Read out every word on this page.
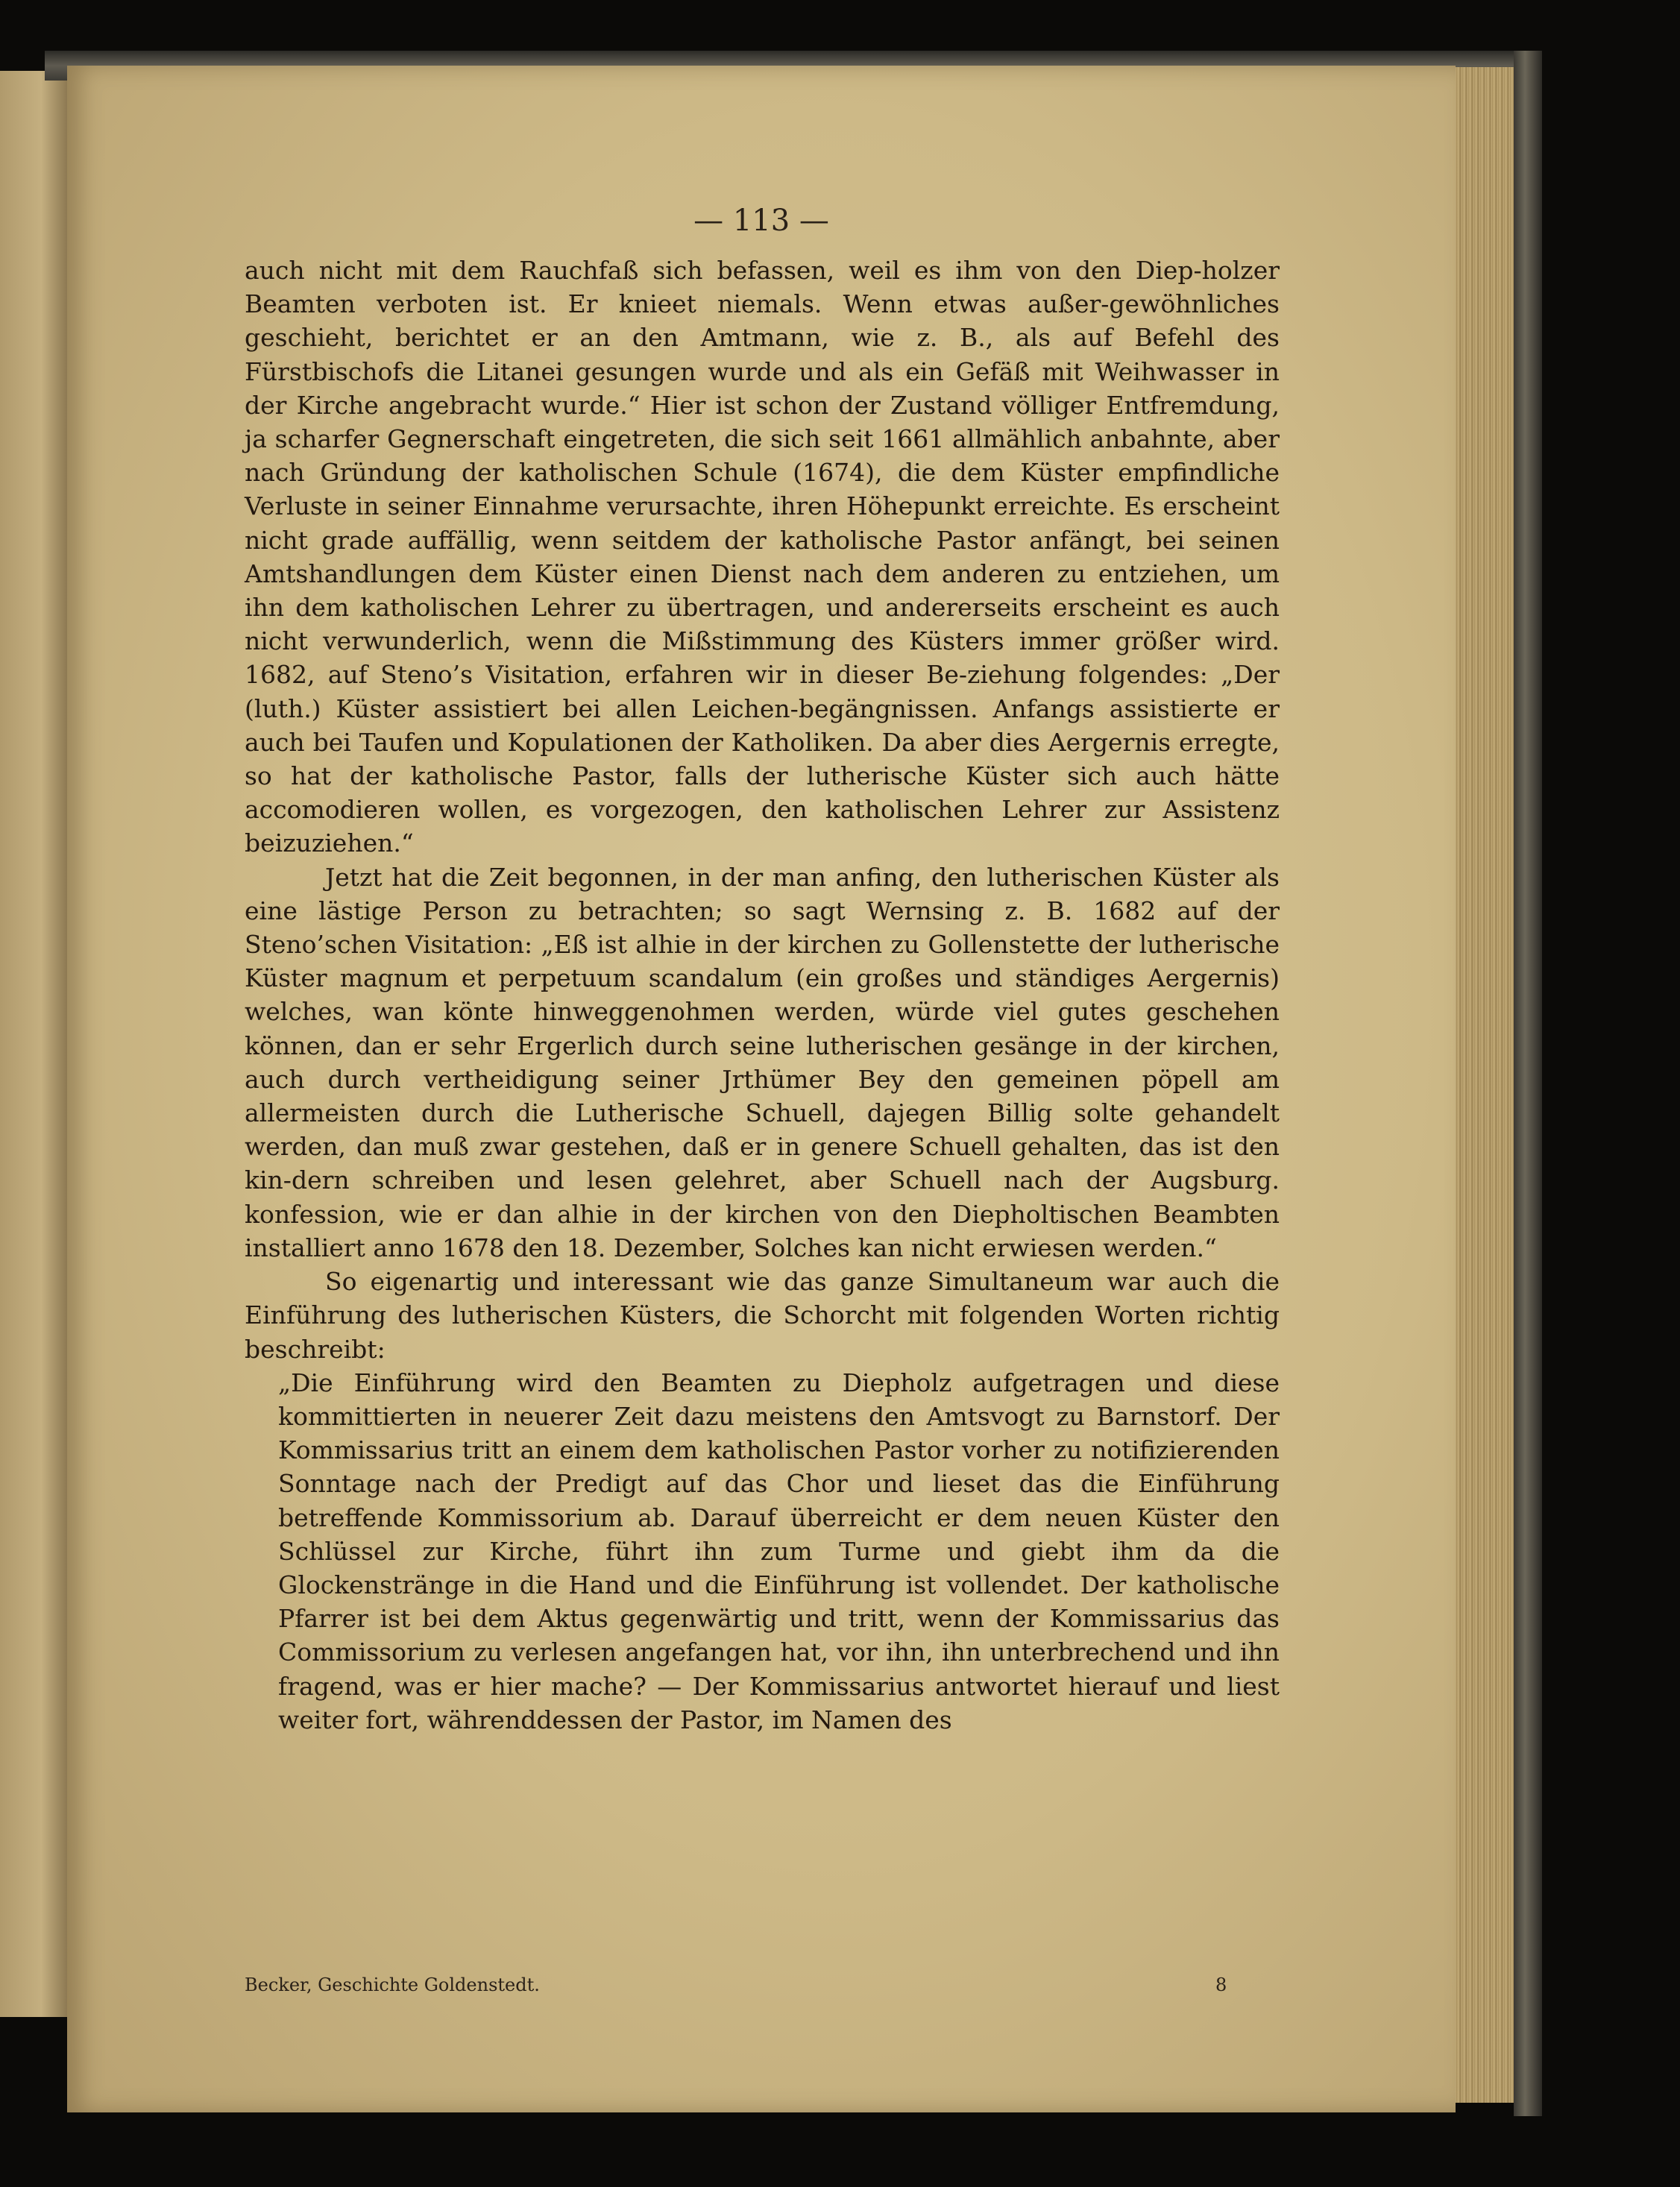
— 113 —

auch nicht mit dem Rauchfaß sich befassen, weil es ihm von den Diep-holzer Beamten verboten ist. Er knieet niemals. Wenn etwas außer-gewöhnliches geschieht, berichtet er an den Amtmann, wie z. B., als auf Befehl des Fürstbischofs die Litanei gesungen wurde und als ein Gefäß mit Weihwasser in der Kirche angebracht wurde.“ Hier ist schon der Zustand völliger Entfremdung, ja scharfer Gegnerschaft eingetreten, die sich seit 1661 allmählich anbahnte, aber nach Gründung der katholischen Schule (1674), die dem Küster empfindliche Verluste in seiner Einnahme verursachte, ihren Höhepunkt erreichte. Es erscheint nicht grade auffällig, wenn seitdem der katholische Pastor anfängt, bei seinen Amtshandlungen dem Küster einen Dienst nach dem anderen zu entziehen, um ihn dem katholischen Lehrer zu übertragen, und andererseits erscheint es auch nicht verwunderlich, wenn die Mißstimmung des Küsters immer größer wird. 1682, auf Steno’s Visitation, erfahren wir in dieser Be-ziehung folgendes: „Der (luth.) Küster assistiert bei allen Leichen-begängnissen. Anfangs assistierte er auch bei Taufen und Kopulationen der Katholiken. Da aber dies Aergernis erregte, so hat der katholische Pastor, falls der lutherische Küster sich auch hätte accomodieren wollen, es vorgezogen, den katholischen Lehrer zur Assistenz beizuziehen.“

Jetzt hat die Zeit begonnen, in der man anfing, den lutherischen Küster als eine lästige Person zu betrachten; so sagt Wernsing z. B. 1682 auf der Steno’schen Visitation: „Eß ist alhie in der kirchen zu Gollenstette der lutherische Küster magnum et perpetuum scandalum (ein großes und ständiges Aergernis) welches, wan könte hinweggenohmen werden, würde viel gutes geschehen können, dan er sehr Ergerlich durch seine lutherischen gesänge in der kirchen, auch durch vertheidigung seiner Jrthümer Bey den gemeinen pöpell am allermeisten durch die Lutherische Schuell, dajegen Billig solte gehandelt werden, dan muß zwar gestehen, daß er in genere Schuell gehalten, das ist den kin-dern schreiben und lesen gelehret, aber Schuell nach der Augsburg. konfession, wie er dan alhie in der kirchen von den Diepholtischen Beambten installiert anno 1678 den 18. Dezember, Solches kan nicht erwiesen werden.“

So eigenartig und interessant wie das ganze Simultaneum war auch die Einführung des lutherischen Küsters, die Schorcht mit folgenden Worten richtig beschreibt:

„Die Einführung wird den Beamten zu Diepholz aufgetragen und diese kommittierten in neuerer Zeit dazu meistens den Amtsvogt zu Barnstorf. Der Kommissarius tritt an einem dem katholischen Pastor vorher zu notifizierenden Sonntage nach der Predigt auf das Chor und lieset das die Einführung betreffende Kommissorium ab. Darauf überreicht er dem neuen Küster den Schlüssel zur Kirche, führt ihn zum Turme und giebt ihm da die Glockenstränge in die Hand und die Einführung ist vollendet. Der katholische Pfarrer ist bei dem Aktus gegenwärtig und tritt, wenn der Kommissarius das Commissorium zu verlesen angefangen hat, vor ihn, ihn unterbrechend und ihn fragend, was er hier mache? — Der Kommissarius antwortet hierauf und liest weiter fort, währenddessen der Pastor, im Namen des

Becker, Geschichte Goldenstedt.	8
